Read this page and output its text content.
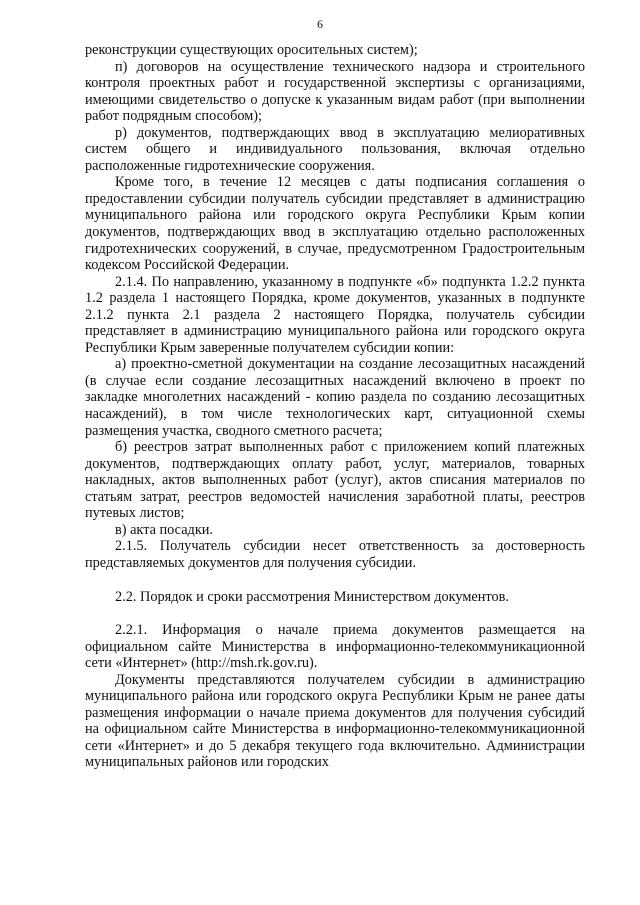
6

реконструкции существующих оросительных систем);

п) договоров на осуществление технического надзора и строительного контроля проектных работ и государственной экспертизы с организациями, имеющими свидетельство о допуске к указанным видам работ (при выполнении работ подрядным способом);

р) документов, подтверждающих ввод в эксплуатацию мелиоративных систем общего и индивидуального пользования, включая отдельно расположенные гидротехнические сооружения.

Кроме того, в течение 12 месяцев с даты подписания соглашения о предоставлении субсидии получатель субсидии представляет в администрацию муниципального района или городского округа Республики Крым копии документов, подтверждающих ввод в эксплуатацию отдельно расположенных гидротехнических сооружений, в случае, предусмотренном Градостроительным кодексом Российской Федерации.

2.1.4. По направлению, указанному в подпункте «б» подпункта 1.2.2 пункта 1.2 раздела 1 настоящего Порядка, кроме документов, указанных в подпункте 2.1.2 пункта 2.1 раздела 2 настоящего Порядка, получатель субсидии представляет в администрацию муниципального района или городского округа Республики Крым заверенные получателем субсидии копии:

а) проектно-сметной документации на создание лесозащитных насаждений (в случае если создание лесозащитных насаждений включено в проект по закладке многолетних насаждений - копию раздела по созданию лесозащитных насаждений), в том числе технологических карт, ситуационной схемы размещения участка, сводного сметного расчета;

б) реестров затрат выполненных работ с приложением копий платежных документов, подтверждающих оплату работ, услуг, материалов, товарных накладных, актов выполненных работ (услуг), актов списания материалов по статьям затрат, реестров ведомостей начисления заработной платы, реестров путевых листов;

в) акта посадки.

2.1.5. Получатель субсидии несет ответственность за достоверность представляемых документов для получения субсидии.

2.2. Порядок и сроки рассмотрения Министерством документов.

2.2.1. Информация о начале приема документов размещается на официальном сайте Министерства в информационно-телекоммуникационной сети «Интернет» (http://msh.rk.gov.ru).

Документы представляются получателем субсидии в администрацию муниципального района или городского округа Республики Крым не ранее даты размещения информации о начале приема документов для получения субсидий на официальном сайте Министерства в информационно-телекоммуникационной сети «Интернет» и до 5 декабря текущего года включительно. Администрации муниципальных районов или городских
